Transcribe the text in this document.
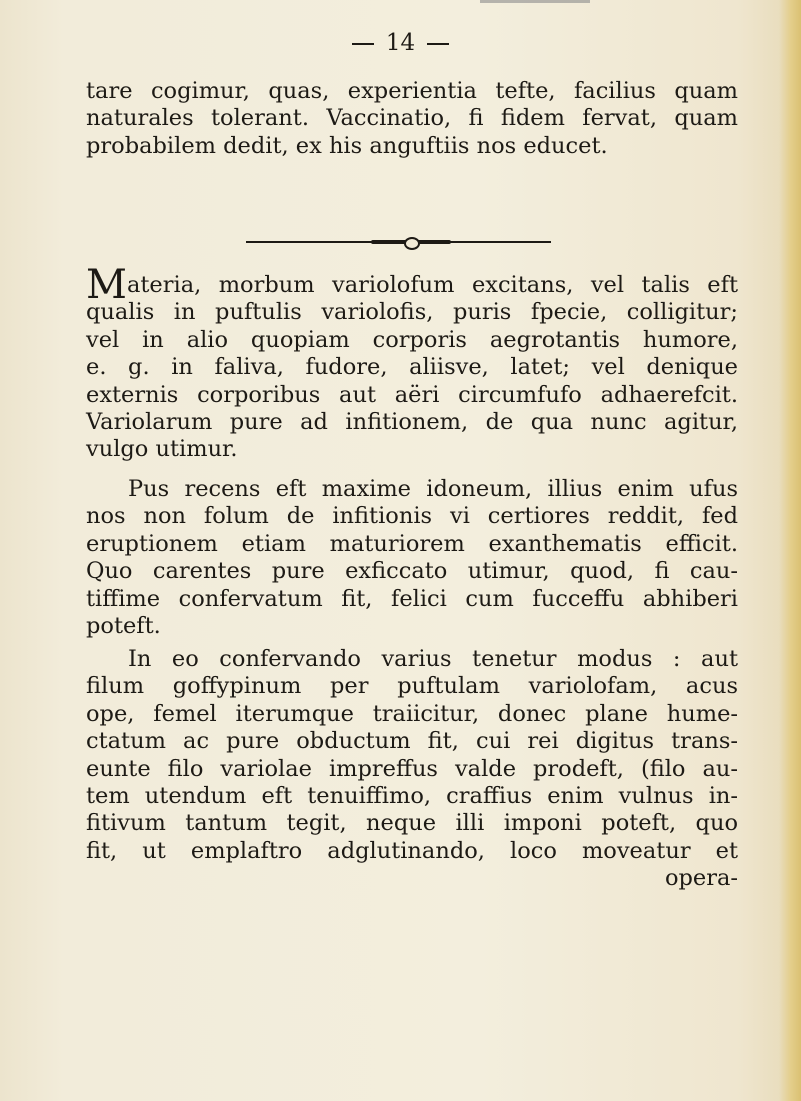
14
tare cogimur, quas, experientia tefte, facilius quam
naturales tolerant. Vaccinatio, fi fidem fervat, quam
probabilem dedit, ex his anguftiis nos educet.
Materia, morbum variolofum excitans, vel talis eft
qualis in puftulis variolofis, puris fpecie, colligitur;
vel in alio quopiam corporis aegrotantis humore,
e. g. in faliva, fudore, aliisve, latet; vel denique
externis corporibus aut aëri circumfufo adhaerefcit.
Variolarum pure ad infitionem, de qua nunc agitur,
vulgo utimur.
Pus recens eft maxime idoneum, illius enim ufus
nos non folum de infitionis vi certiores reddit, fed
eruptionem etiam maturiorem exanthematis efficit.
Quo carentes pure exficcato utimur, quod, fi cau-
tiffime confervatum fit, felici cum fucceffu abhiberi
poteft.
In eo confervando varius tenetur modus : aut
filum goffypinum per puftulam variolofam, acus
ope, femel iterumque traiicitur, donec plane hume-
ctatum ac pure obductum fit, cui rei digitus trans-
eunte filo variolae impreffus valde prodeft, (filo au-
tem utendum eft tenuiffimo, craffius enim vulnus in-
fitivum tantum tegit, neque illi imponi poteft, quo
fit, ut emplaftro adglutinando, loco moveatur et
opera-
